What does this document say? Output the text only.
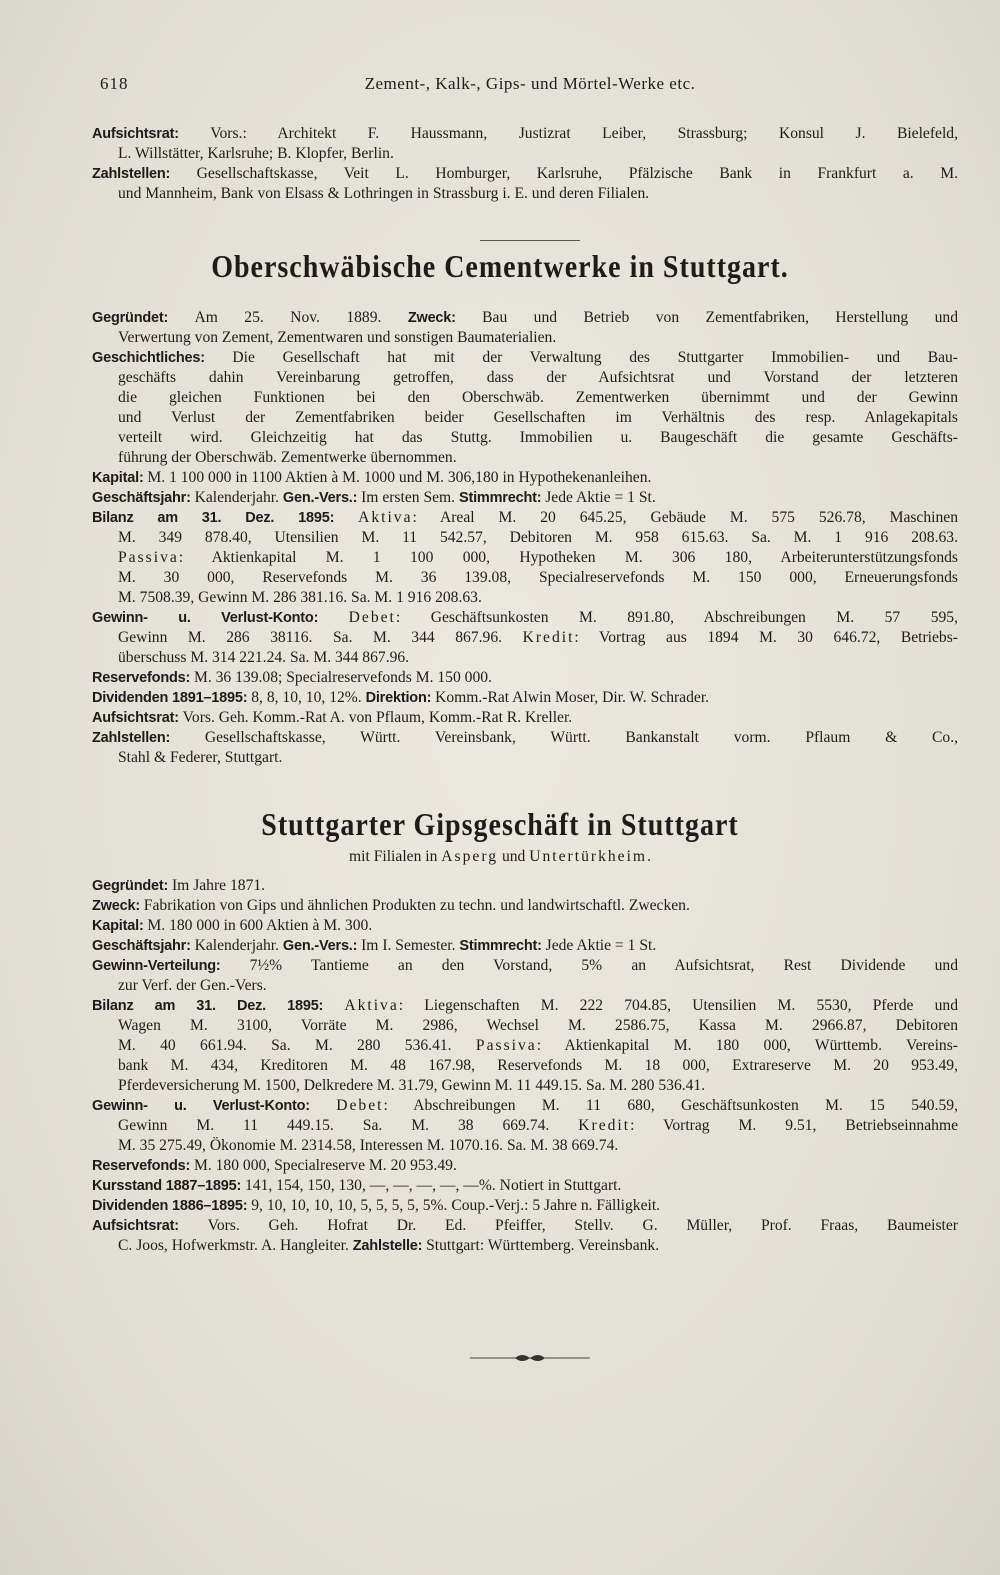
618	Zement-, Kalk-, Gips- und Mörtel-Werke etc.
Aufsichtsrat: Vors.: Architekt F. Haussmann, Justizrat Leiber, Strassburg; Konsul J. Bielefeld,
L. Willstätter, Karlsruhe; B. Klopfer, Berlin.
Zahlstellen: Gesellschaftskasse, Veit L. Homburger, Karlsruhe, Pfälzische Bank in Frankfurt a. M.
und Mannheim, Bank von Elsass & Lothringen in Strassburg i. E. und deren Filialen.
Oberschwäbische Cementwerke in Stuttgart.
Gegründet: Am 25. Nov. 1889. Zweck: Bau und Betrieb von Zementfabriken, Herstellung und
Verwertung von Zement, Zementwaren und sonstigen Baumaterialien.
Geschichtliches: Die Gesellschaft hat mit der Verwaltung des Stuttgarter Immobilien- und Bau-
geschäfts dahin Vereinbarung getroffen, dass der Aufsichtsrat und Vorstand der letzteren
die gleichen Funktionen bei den Oberschwäb. Zementwerken übernimmt und der Gewinn
und Verlust der Zementfabriken beider Gesellschaften im Verhältnis des resp. Anlagekapitals
verteilt wird. Gleichzeitig hat das Stuttg. Immobilien u. Baugeschäft die gesamte Geschäfts-
führung der Oberschwäb. Zementwerke übernommen.
Kapital: M. 1 100 000 in 1100 Aktien à M. 1000 und M. 306,180 in Hypothekenanleihen.
Geschäftsjahr: Kalenderjahr. Gen.-Vers.: Im ersten Sem. Stimmrecht: Jede Aktie = 1 St.
Bilanz am 31. Dez. 1895: Aktiva: Areal M. 20 645.25, Gebäude M. 575 526.78, Maschinen
M. 349 878.40, Utensilien M. 11 542.57, Debitoren M. 958 615.63. Sa. M. 1 916 208.63.
Passiva: Aktienkapital M. 1 100 000, Hypotheken M. 306 180, Arbeiterunterstützungsfonds
M. 30 000, Reservefonds M. 36 139.08, Specialreservefonds M. 150 000, Erneuerungsfonds
M. 7508.39, Gewinn M. 286 381.16. Sa. M. 1 916 208.63.
Gewinn- u. Verlust-Konto: Debet: Geschäftsunkosten M. 891.80, Abschreibungen M. 57 595,
Gewinn M. 286 38116. Sa. M. 344 867.96. Kredit: Vortrag aus 1894 M. 30 646.72, Betriebs-
überschuss M. 314 221.24. Sa. M. 344 867.96.
Reservefonds: M. 36 139.08; Specialreservefonds M. 150 000.
Dividenden 1891–1895: 8, 8, 10, 10, 12%. Direktion: Komm.-Rat Alwin Moser, Dir. W. Schrader.
Aufsichtsrat: Vors. Geh. Komm.-Rat A. von Pflaum, Komm.-Rat R. Kreller.
Zahlstellen: Gesellschaftskasse, Württ. Vereinsbank, Württ. Bankanstalt vorm. Pflaum & Co.,
Stahl & Federer, Stuttgart.
Stuttgarter Gipsgeschäft in Stuttgart
mit Filialen in Asperg und Untertürkheim.
Gegründet: Im Jahre 1871.
Zweck: Fabrikation von Gips und ähnlichen Produkten zu techn. und landwirtschaftl. Zwecken.
Kapital: M. 180 000 in 600 Aktien à M. 300.
Geschäftsjahr: Kalenderjahr. Gen.-Vers.: Im I. Semester. Stimmrecht: Jede Aktie = 1 St.
Gewinn-Verteilung: 7½% Tantieme an den Vorstand, 5% an Aufsichtsrat, Rest Dividende und
zur Verf. der Gen.-Vers.
Bilanz am 31. Dez. 1895: Aktiva: Liegenschaften M. 222 704.85, Utensilien M. 5530, Pferde und
Wagen M. 3100, Vorräte M. 2986, Wechsel M. 2586.75, Kassa M. 2966.87, Debitoren
M. 40 661.94. Sa. M. 280 536.41. Passiva: Aktienkapital M. 180 000, Württemb. Vereins-
bank M. 434, Kreditoren M. 48 167.98, Reservefonds M. 18 000, Extrareserve M. 20 953.49,
Pferdeversicherung M. 1500, Delkredere M. 31.79, Gewinn M. 11 449.15. Sa. M. 280 536.41.
Gewinn- u. Verlust-Konto: Debet: Abschreibungen M. 11 680, Geschäftsunkosten M. 15 540.59,
Gewinn M. 11 449.15. Sa. M. 38 669.74. Kredit: Vortrag M. 9.51, Betriebseinnahme
M. 35 275.49, Ökonomie M. 2314.58, Interessen M. 1070.16. Sa. M. 38 669.74.
Reservefonds: M. 180 000, Specialreserve M. 20 953.49.
Kursstand 1887–1895: 141, 154, 150, 130, —, —, —, —, —%. Notiert in Stuttgart.
Dividenden 1886–1895: 9, 10, 10, 10, 10, 5, 5, 5, 5, 5%. Coup.-Verj.: 5 Jahre n. Fälligkeit.
Aufsichtsrat: Vors. Geh. Hofrat Dr. Ed. Pfeiffer, Stellv. G. Müller, Prof. Fraas, Baumeister
C. Joos, Hofwerkmstr. A. Hangleiter. Zahlstelle: Stuttgart: Württemberg. Vereinsbank.
